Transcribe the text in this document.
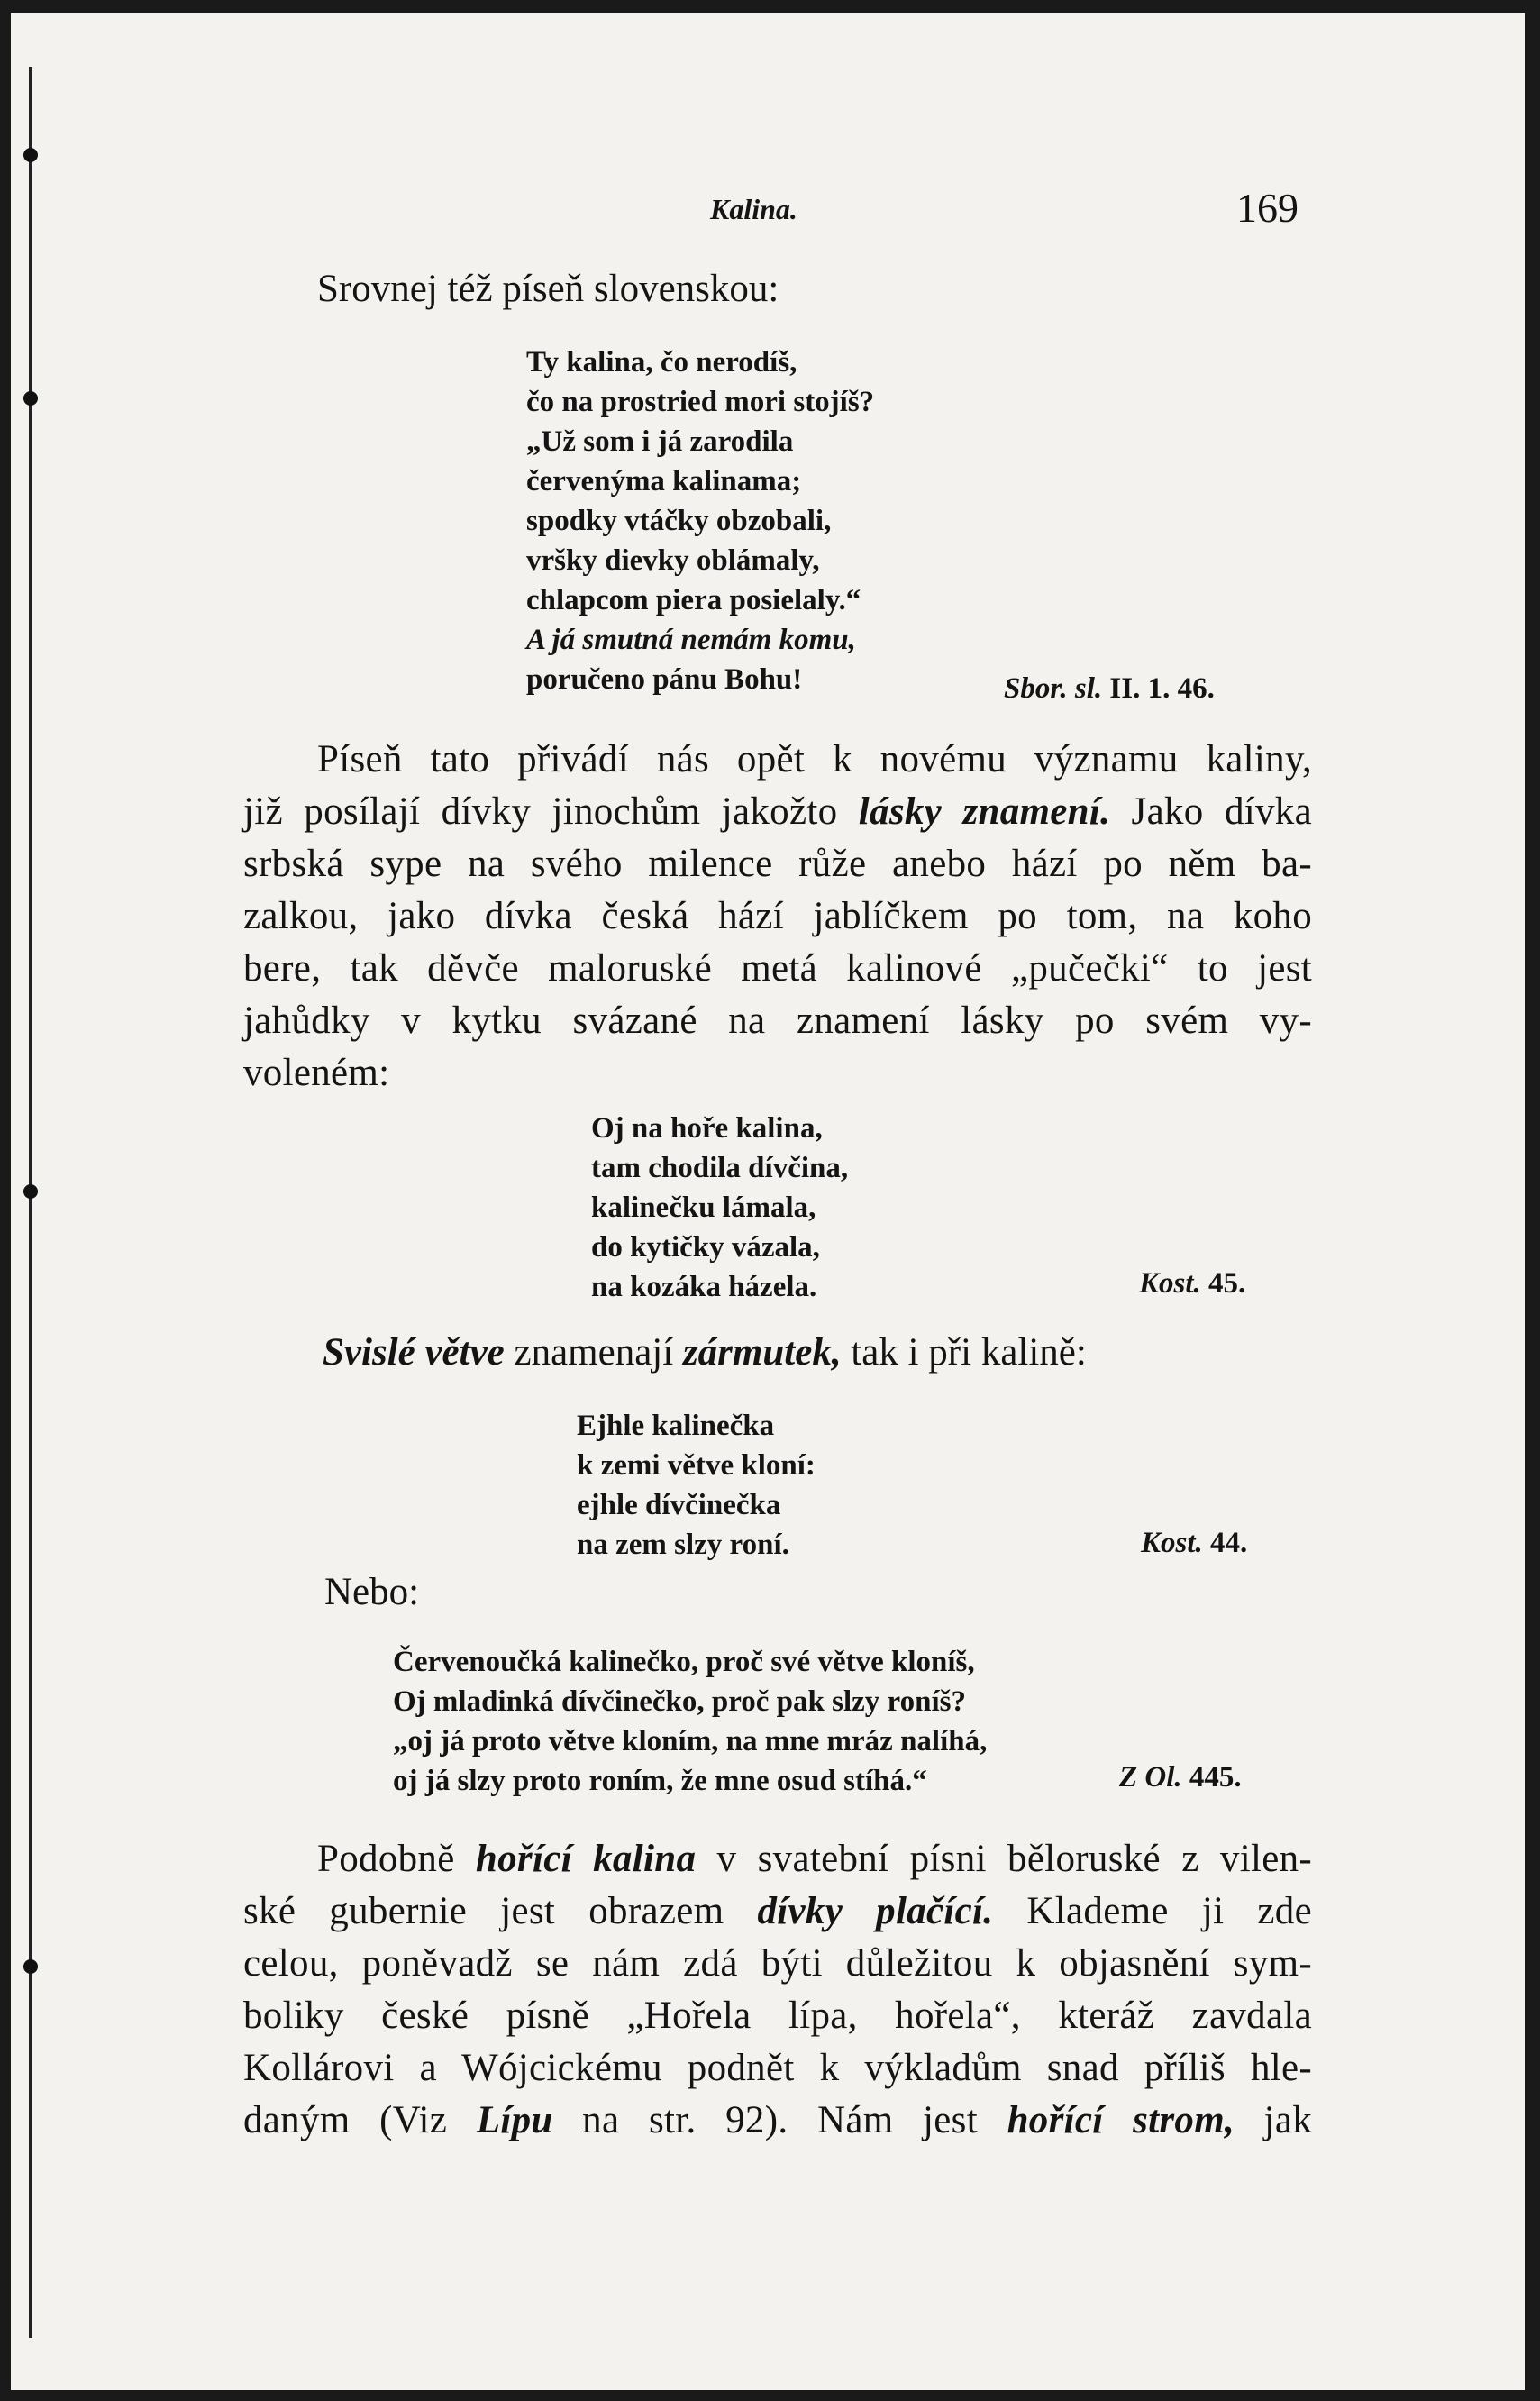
Kalina.	169
Srovnej též píseň slovenskou:
Ty kalina, čo nerodíš,
čo na prostried mori stojíš?
„Už som i já zarodila
červenýma kalinama;
spodky vtáčky obzobali,
vršky dievky oblámaly,
chlapcom piera posielaly.“
A já smutná nemám komu,
poručeno pánu Bohu!	Sbor. sl. II. 1. 46.
Píseň tato přivádí nás opět k novému významu kaliny,
již posílají dívky jinochům jakožto lásky znamení. Jako dívka
srbská sype na svého milence růže anebo hází po něm ba-
zalkou, jako dívka česká hází jablíčkem po tom, na koho
bere, tak děvče maloruské metá kalinové „pučečki“ to jest
jahůdky v kytku svázané na znamení lásky po svém vy-
voleném:
Oj na hoře kalina,
tam chodila dívčina,
kalinečku lámala,
do kytičky vázala,
na kozáka házela.	Kost. 45.
Svislé větve znamenají zármutek, tak i při kalině:
Ejhle kalinečka
k zemi větve kloní:
ejhle dívčinečka
na zem slzy roní.	Kost. 44.
Nebo:
Červenoučká kalinečko, proč své větve kloníš,
Oj mladinká dívčinečko, proč pak slzy roníš?
„oj já proto větve kloním, na mne mráz nalíhá,
oj já slzy proto roním, že mne osud stíhá.“	Z Ol. 445.
Podobně hořící kalina v svatební písni běloruské z vilen-
ské gubernie jest obrazem dívky plačící. Klademe ji zde
celou, poněvadž se nám zdá býti důležitou k objasnění sym-
boliky české písně „Hořela lípa, hořela“, kteráž zavdala
Kollárovi a Wójcickému podnět k výkladům snad příliš hle-
daným (Viz Lípu na str. 92). Nám jest hořící strom, jak
